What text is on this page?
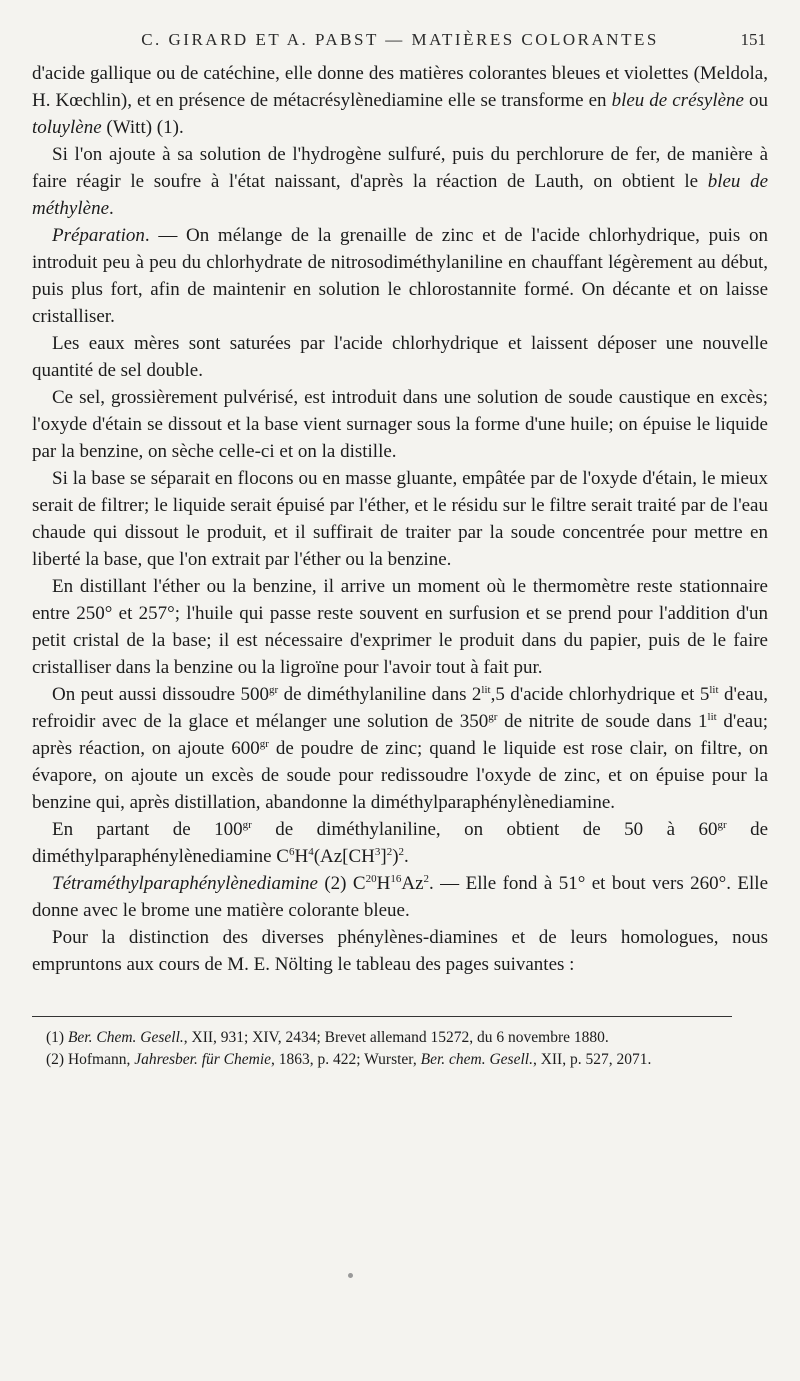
C. GIRARD ET A. PABST — MATIÈRES COLORANTES	151

d'acide gallique ou de catéchine, elle donne des matières colorantes bleues et violettes (Meldola, H. Kœchlin), et en présence de métacrésylènediamine elle se transforme en bleu de crésylène ou toluylène (Witt) (1).

Si l'on ajoute à sa solution de l'hydrogène sulfuré, puis du perchlorure de fer, de manière à faire réagir le soufre à l'état naissant, d'après la réaction de Lauth, on obtient le bleu de méthylène.

Préparation. — On mélange de la grenaille de zinc et de l'acide chlorhydrique, puis on introduit peu à peu du chlorhydrate de nitrosodiméthylaniline en chauffant légèrement au début, puis plus fort, afin de maintenir en solution le chlorostannite formé. On décante et on laisse cristalliser.

Les eaux mères sont saturées par l'acide chlorhydrique et laissent déposer une nouvelle quantité de sel double.

Ce sel, grossièrement pulvérisé, est introduit dans une solution de soude caustique en excès; l'oxyde d'étain se dissout et la base vient surnager sous la forme d'une huile; on épuise le liquide par la benzine, on sèche celle-ci et on la distille.

Si la base se séparait en flocons ou en masse gluante, empâtée par de l'oxyde d'étain, le mieux serait de filtrer; le liquide serait épuisé par l'éther, et le résidu sur le filtre serait traité par de l'eau chaude qui dissout le produit, et il suffirait de traiter par la soude concentrée pour mettre en liberté la base, que l'on extrait par l'éther ou la benzine.

En distillant l'éther ou la benzine, il arrive un moment où le thermomètre reste stationnaire entre 250° et 257°; l'huile qui passe reste souvent en surfusion et se prend pour l'addition d'un petit cristal de la base; il est nécessaire d'exprimer le produit dans du papier, puis de le faire cristalliser dans la benzine ou la ligroïne pour l'avoir tout à fait pur.

On peut aussi dissoudre $500^{gr}$ de diméthylaniline dans $2^{lit},5$ d'acide chlorhydrique et $5^{lit}$ d'eau, refroidir avec de la glace et mélanger une solution de $350^{gr}$ de nitrite de soude dans $1^{lit}$ d'eau; après réaction, on ajoute $600^{gr}$ de poudre de zinc; quand le liquide est rose clair, on filtre, on évapore, on ajoute un excès de soude pour redissoudre l'oxyde de zinc, et on épuise pour la benzine qui, après distillation, abandonne la diméthylparaphénylènediamine.

En partant de $100^{gr}$ de diméthylaniline, on obtient de 50 à $60^{gr}$ de diméthylparaphénylènediamine $C^6H^4(Az[CH^3]^2)^2$.

Tétraméthylparaphénylènediamine (2) $C^{20}H^{16}Az^2$. — Elle fond à 51° et bout vers 260°. Elle donne avec le brome une matière colorante bleue.

Pour la distinction des diverses phénylènes-diamines et de leurs homologues, nous empruntons aux cours de M. E. Nölting le tableau des pages suivantes :

(1) Ber. Chem. Gesell., XII, 931; XIV, 2434; Brevet allemand 15272, du 6 novembre 1880.

(2) Hofmann, Jahresber. für Chemie, 1863, p. 422; Wurster, Ber. chem. Gesell., XII, p. 527, 2071.
